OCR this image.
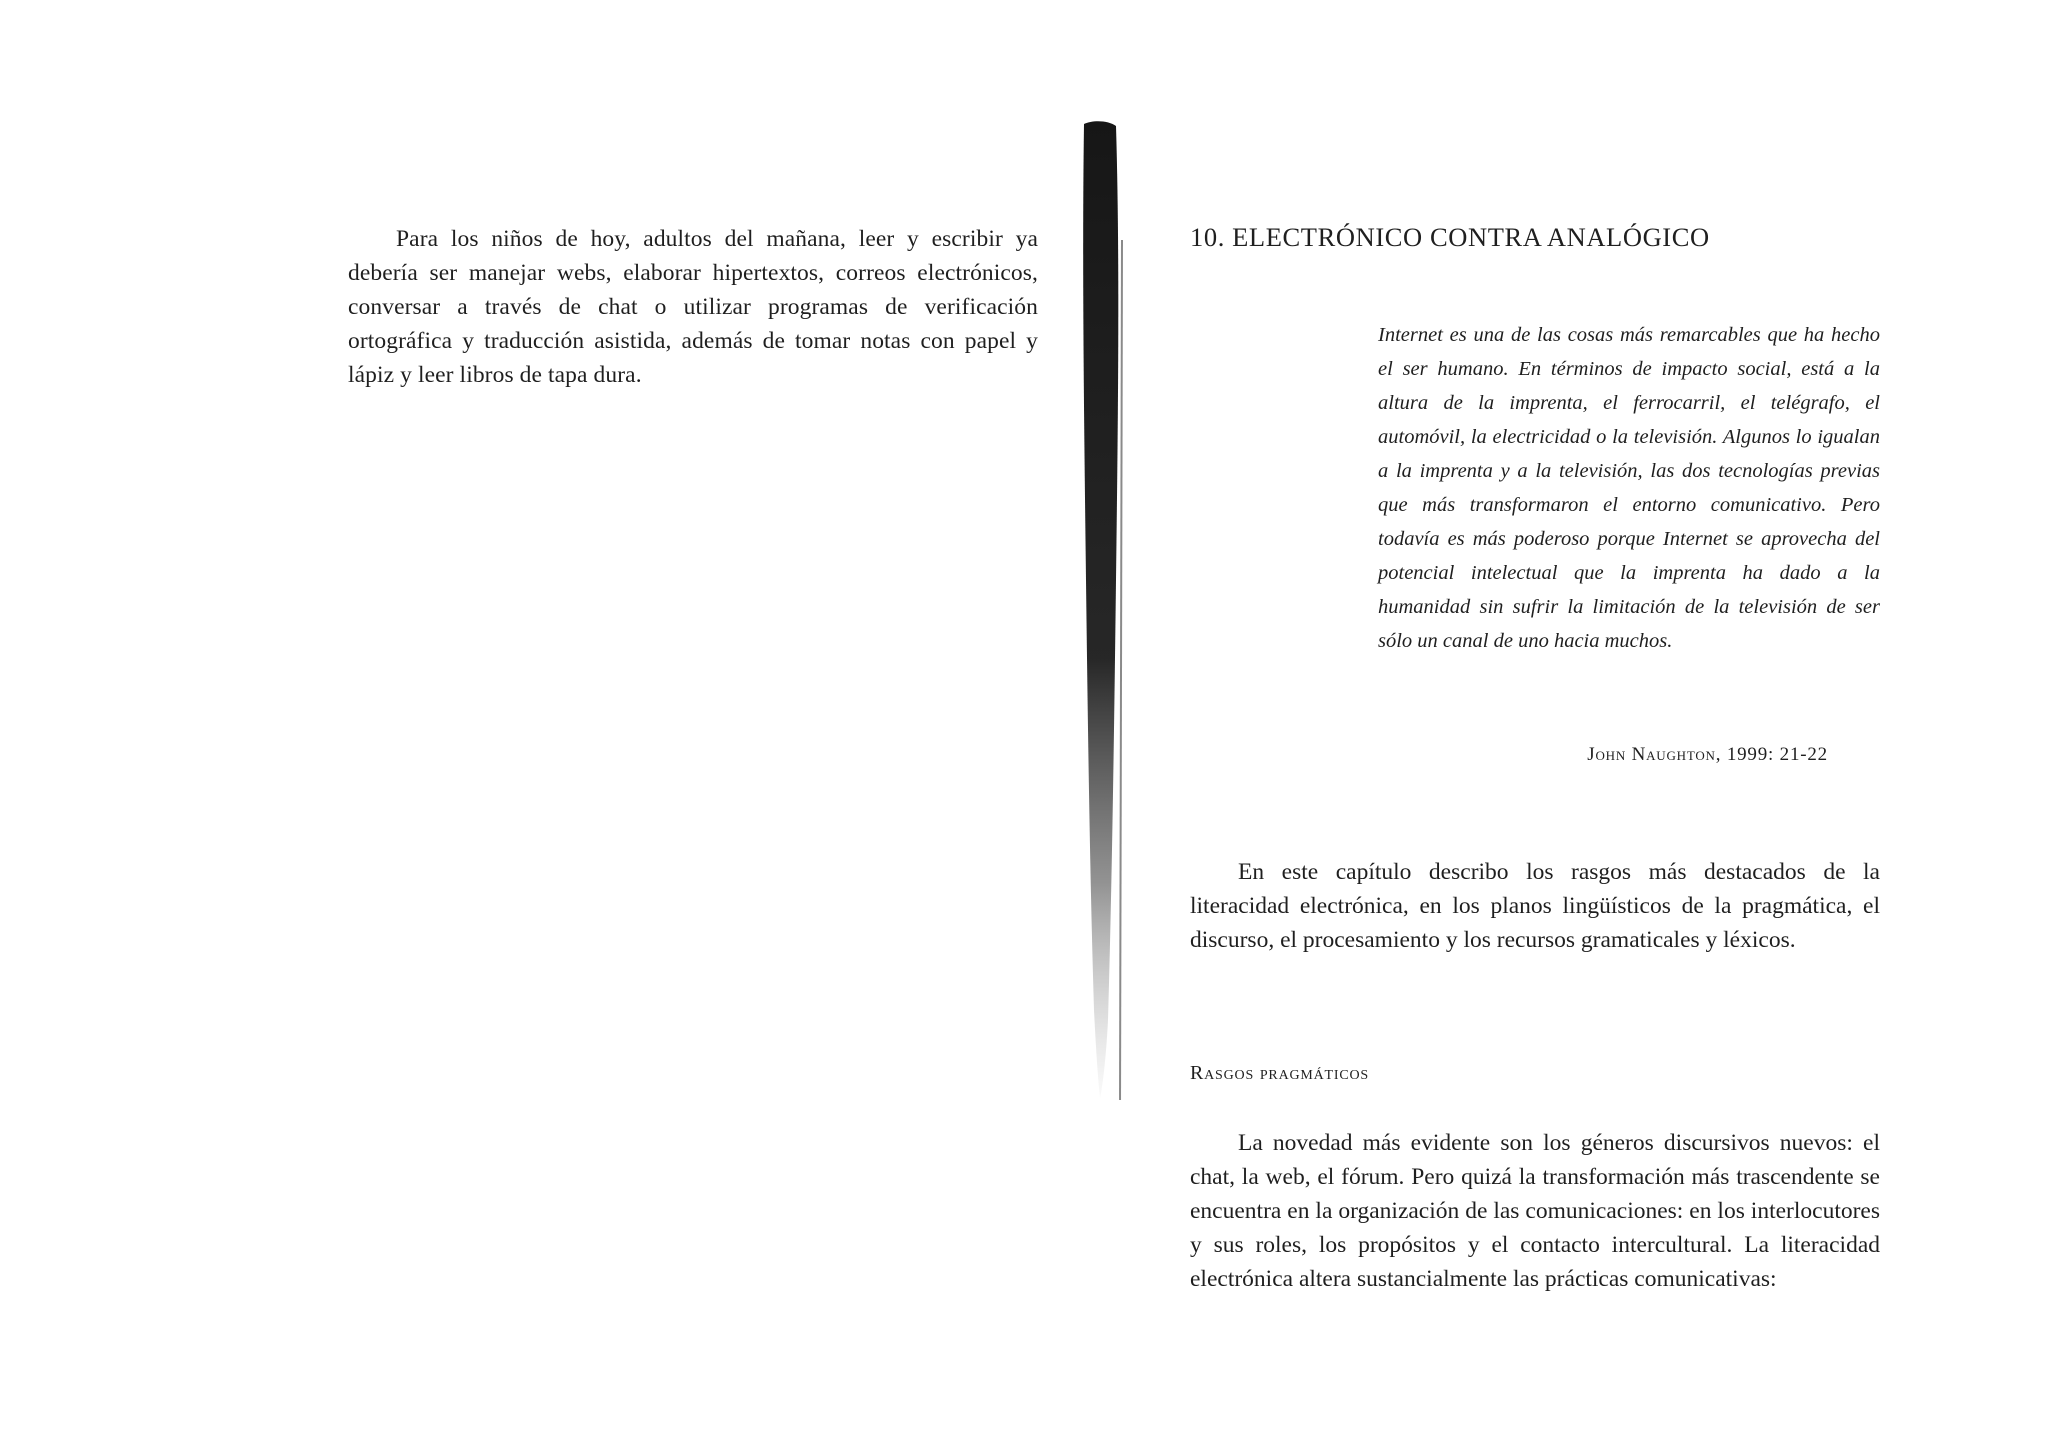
Para los niños de hoy, adultos del mañana, leer y escribir ya debería ser manejar webs, elaborar hipertextos, correos electrónicos, conversar a través de chat o utilizar programas de verificación ortográfica y traducción asistida, además de tomar notas con papel y lápiz y leer libros de tapa dura.

10. ELECTRÓNICO CONTRA ANALÓGICO

Internet es una de las cosas más remarcables que ha hecho el ser humano. En términos de impacto social, está a la altura de la imprenta, el ferrocarril, el telégrafo, el automóvil, la electricidad o la televisión. Algunos lo igualan a la imprenta y a la televisión, las dos tecnologías previas que más transformaron el entorno comunicativo. Pero todavía es más poderoso porque Internet se aprovecha del potencial intelectual que la imprenta ha dado a la humanidad sin sufrir la limitación de la televisión de ser sólo un canal de uno hacia muchos.

John Naughton, 1999: 21-22

En este capítulo describo los rasgos más destacados de la literacidad electrónica, en los planos lingüísticos de la pragmática, el discurso, el procesamiento y los recursos gramaticales y léxicos.

Rasgos pragmáticos

La novedad más evidente son los géneros discursivos nuevos: el chat, la web, el fórum. Pero quizá la transformación más trascendente se encuentra en la organización de las comunicaciones: en los interlocutores y sus roles, los propósitos y el contacto intercultural. La literacidad electrónica altera sustancialmente las prácticas comunicativas:
